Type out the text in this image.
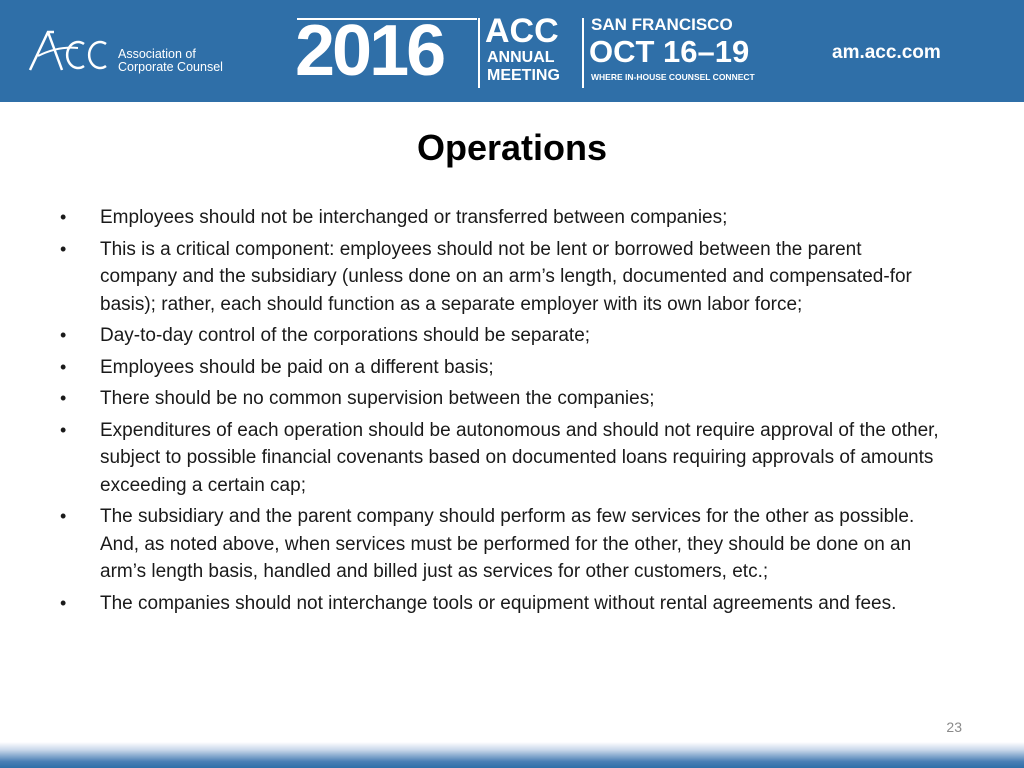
Association of
Corporate Counsel 2016 ACC
ANNUAL
MEETING
SAN FRANCISCO
OCT 16–19
WHERE IN-HOUSE COUNSEL CONNECT
am.acc.com
Operations
• Employees should not be interchanged or transferred between companies;
• This is a critical component: employees should not be lent or borrowed between the parent company and the subsidiary (unless done on an arm’s length, documented and compensated-for basis); rather, each should function as a separate employer with its own labor force;
• Day-to-day control of the corporations should be separate;
• Employees should be paid on a different basis;
• There should be no common supervision between the companies;
• Expenditures of each operation should be autonomous and should not require approval of the other, subject to possible financial covenants based on documented loans requiring approvals of amounts exceeding a certain cap;
• The subsidiary and the parent company should perform as few services for the other as possible. And, as noted above, when services must be performed for the other, they should be done on an arm’s length basis, handled and billed just as services for other customers, etc.;
• The companies should not interchange tools or equipment without rental agreements and fees.
23
